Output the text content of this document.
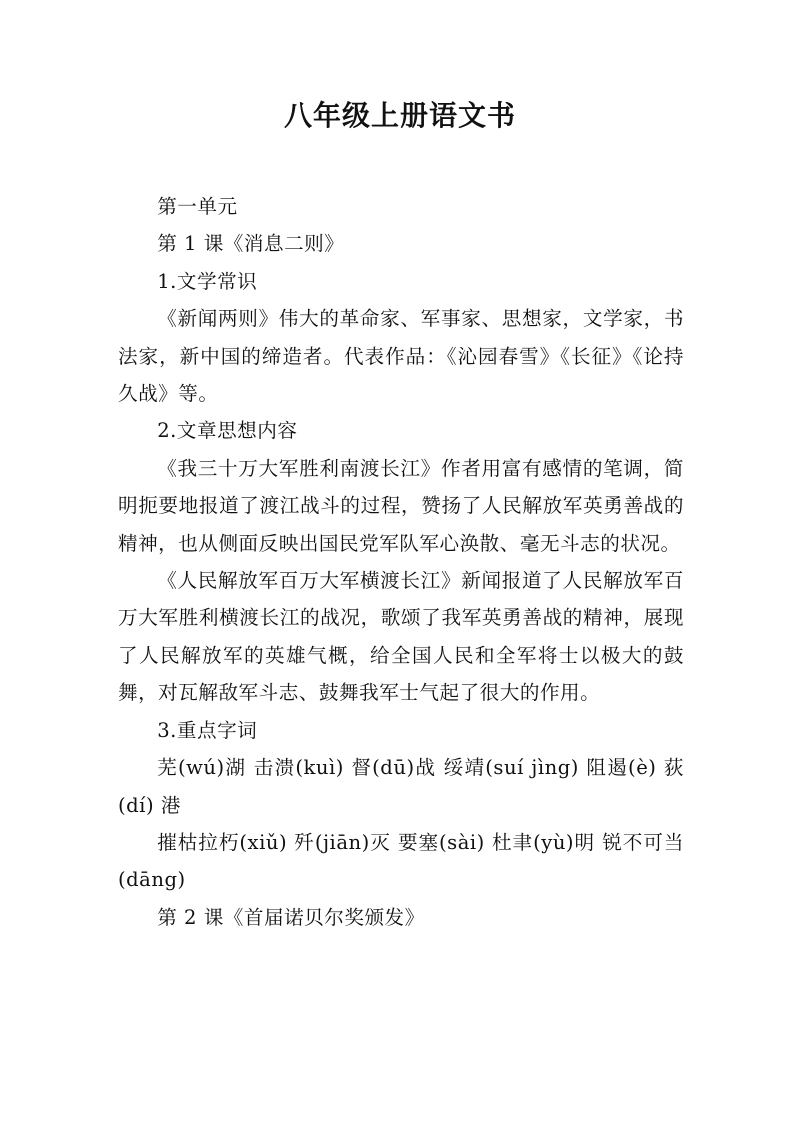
八年级上册语文书

第一单元

第 1 课《消息二则》

1.文学常识

《新闻两则》伟大的革命家、军事家、思想家，文学家，书法家，新中国的缔造者。代表作品：《沁园春雪》《长征》《论持久战》等。

2.文章思想内容

《我三十万大军胜利南渡长江》作者用富有感情的笔调，简明扼要地报道了渡江战斗的过程，赞扬了人民解放军英勇善战的精神，也从侧面反映出国民党军队军心涣散、毫无斗志的状况。

《人民解放军百万大军横渡长江》新闻报道了人民解放军百万大军胜利横渡长江的战况，歌颂了我军英勇善战的精神，展现了人民解放军的英雄气概，给全国人民和全军将士以极大的鼓舞，对瓦解敌军斗志、鼓舞我军士气起了很大的作用。

3.重点字词

芜(wú)湖 击溃(kuì) 督(dū)战 绥靖(suí jìng) 阻遏(è) 荻(dí) 港

摧枯拉朽(xiǔ) 歼(jiān)灭 要塞(sài) 杜聿(yù)明 锐不可当(dāng)

第 2 课《首届诺贝尔奖颁发》
